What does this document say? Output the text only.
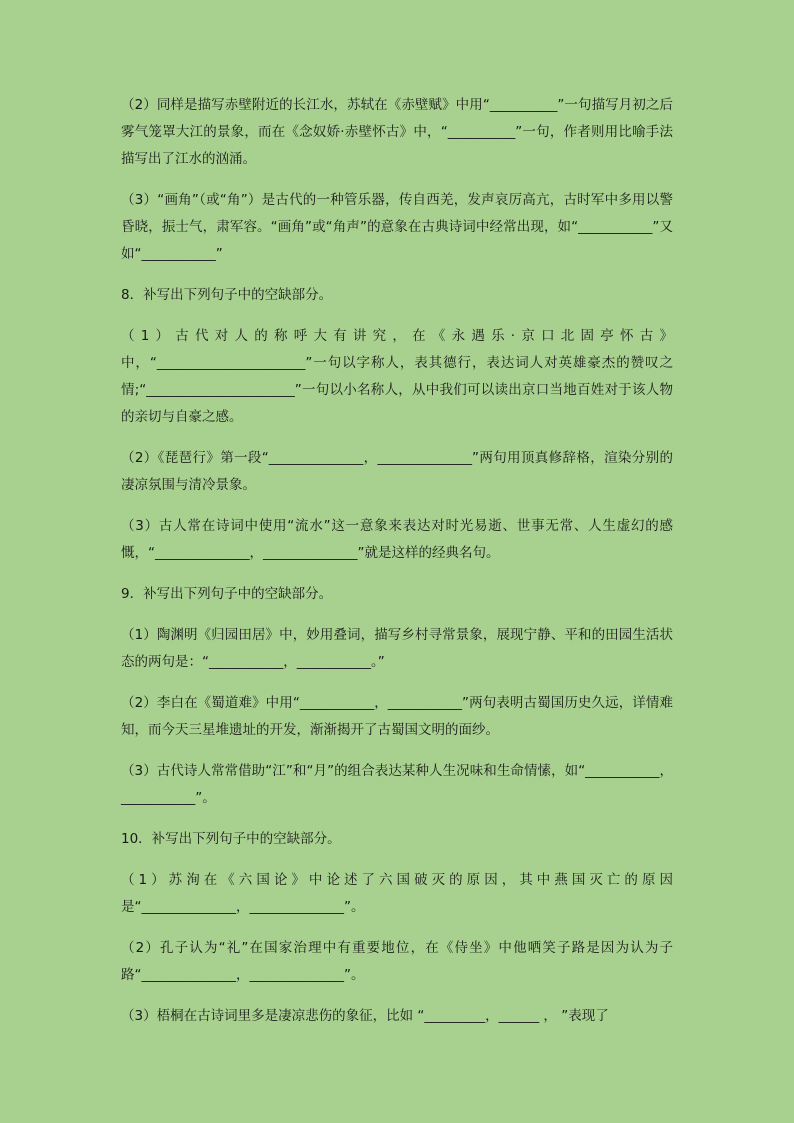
（2）同样是描写赤壁附近的长江水，苏轼在《赤壁赋》中用“__________”一句描写月初之后雾气笼罩大江的景象，而在《念奴娇·赤壁怀古》中，“__________”一句，作者则用比喻手法描写出了江水的汹涌。

（3）“画角”（或“角”）是古代的一种管乐器，传自西羌，发声哀厉高亢，古时军中多用以警昏晓，振士气，肃军容。“画角”或“角声”的意象在古典诗词中经常出现，如“___________”又如“___________”

8．补写出下列句子中的空缺部分。

（1）古代对人的称呼大有讲究，在《永遇乐·京口北固亭怀古》中，“______________________”一句以字称人，表其德行，表达词人对英雄豪杰的赞叹之情;“______________________”一句以小名称人，从中我们可以读出京口当地百姓对于该人物的亲切与自豪之感。

（2）《琵琶行》第一段“______________，______________”两句用顶真修辞格，渲染分别的凄凉氛围与清冷景象。

（3）古人常在诗词中使用“流水”这一意象来表达对时光易逝、世事无常、人生虚幻的感慨，“______________，______________”就是这样的经典名句。

9．补写出下列句子中的空缺部分。

（1）陶渊明《归园田居》中，妙用叠词，描写乡村寻常景象，展现宁静、平和的田园生活状态的两句是：“___________，___________。”

（2）李白在《蜀道难》中用“___________，___________”两句表明古蜀国历史久远，详情难知，而今天三星堆遗址的开发，渐渐揭开了古蜀国文明的面纱。

（3）古代诗人常常借助“江”和“月”的组合表达某种人生况味和生命情愫，如“___________，___________”。

10．补写出下列句子中的空缺部分。

（1）苏洵在《六国论》中论述了六国破灭的原因，其中燕国灭亡的原因是“______________，______________”。

（2）孔子认为“礼”在国家治理中有重要地位，在《侍坐》中他哂笑子路是因为认为子路“______________，______________”。

（3）梧桐在古诗词里多是凄凉悲伤的象征，比如 “_________，______ ， ”表现了
